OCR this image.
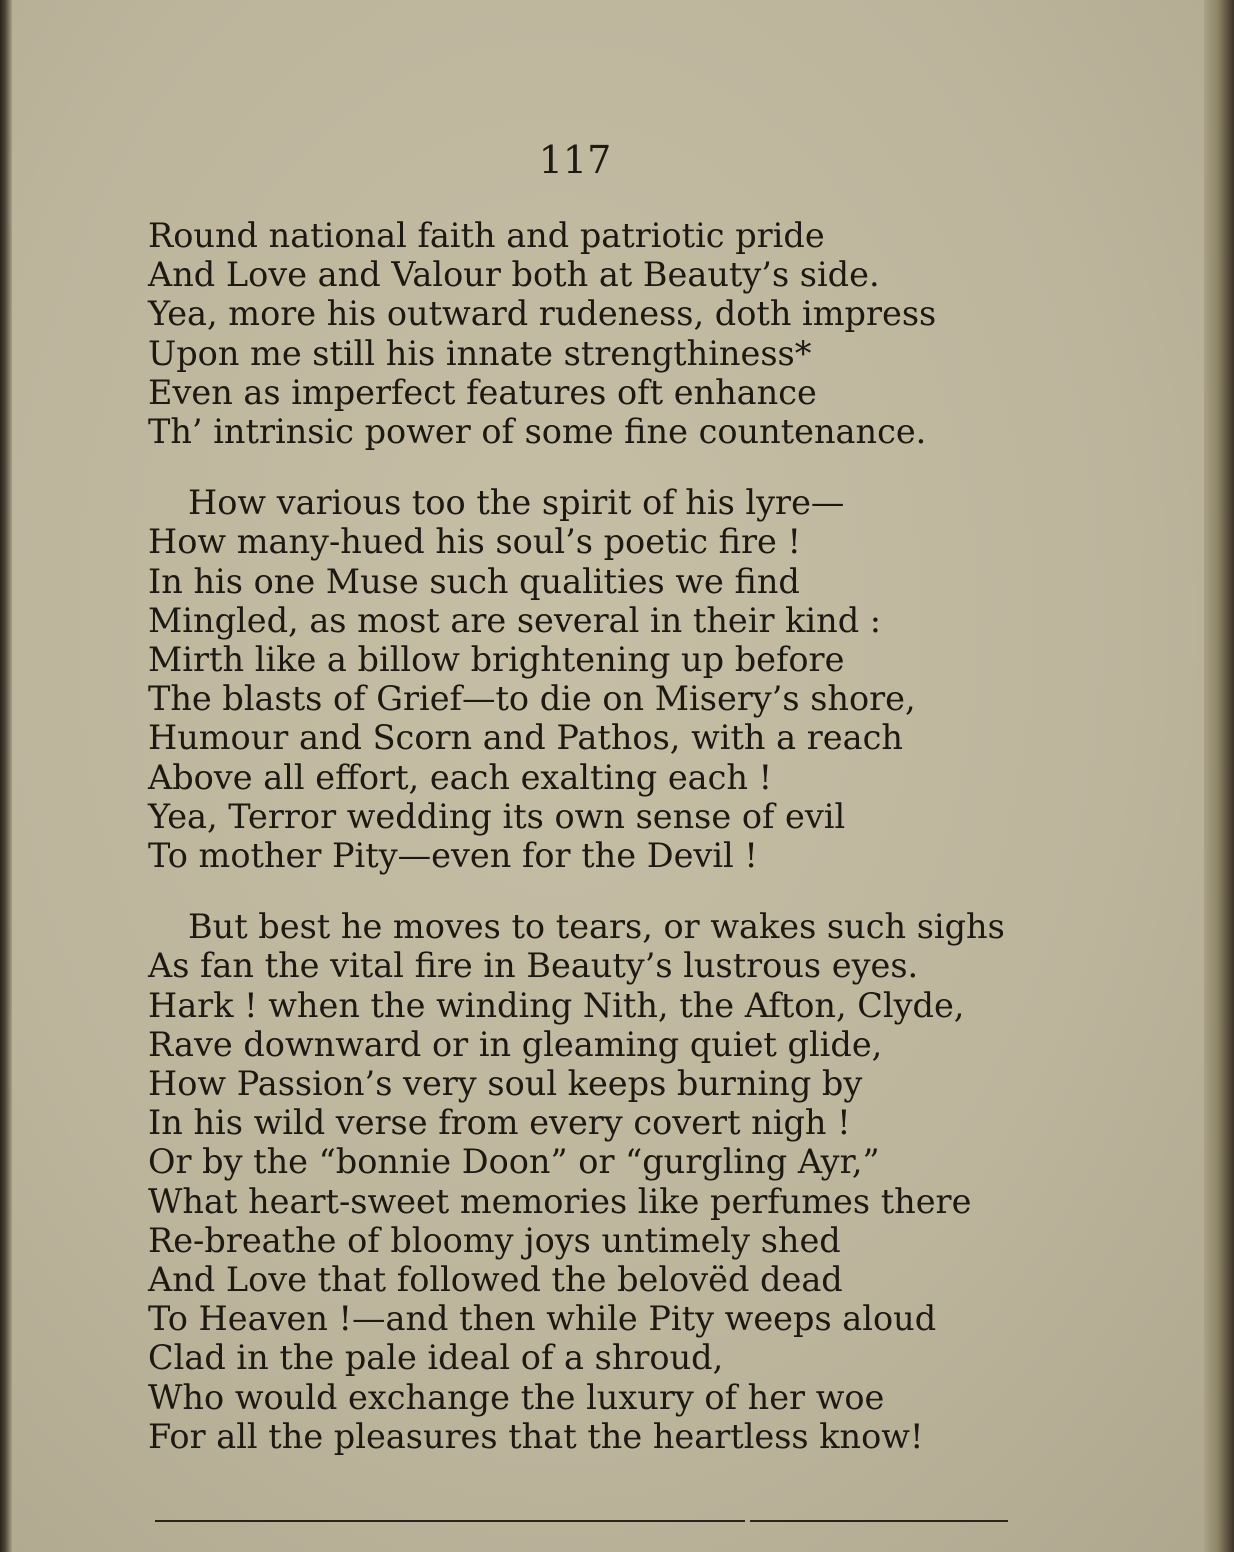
117
Round national faith and patriotic pride
And Love and Valour both at Beauty’s side.
Yea, more his outward rudeness, doth impress
Upon me still his innate strengthiness*
Even as imperfect features oft enhance
Th’ intrinsic power of some fine countenance.
How various too the spirit of his lyre—
How many-hued his soul’s poetic fire !
In his one Muse such qualities we find
Mingled, as most are several in their kind :
Mirth like a billow brightening up before
The blasts of Grief—to die on Misery’s shore,
Humour and Scorn and Pathos, with a reach
Above all effort, each exalting each !
Yea, Terror wedding its own sense of evil
To mother Pity—even for the Devil !
But best he moves to tears, or wakes such sighs
As fan the vital fire in Beauty’s lustrous eyes.
Hark ! when the winding Nith, the Afton, Clyde,
Rave downward or in gleaming quiet glide,
How Passion’s very soul keeps burning by
In his wild verse from every covert nigh !
Or by the “bonnie Doon” or “gurgling Ayr,”
What heart-sweet memories like perfumes there
Re-breathe of bloomy joys untimely shed
And Love that followed the belovëd dead
To Heaven !—and then while Pity weeps aloud
Clad in the pale ideal of a shroud,
Who would exchange the luxury of her woe
For all the pleasures that the heartless know!
